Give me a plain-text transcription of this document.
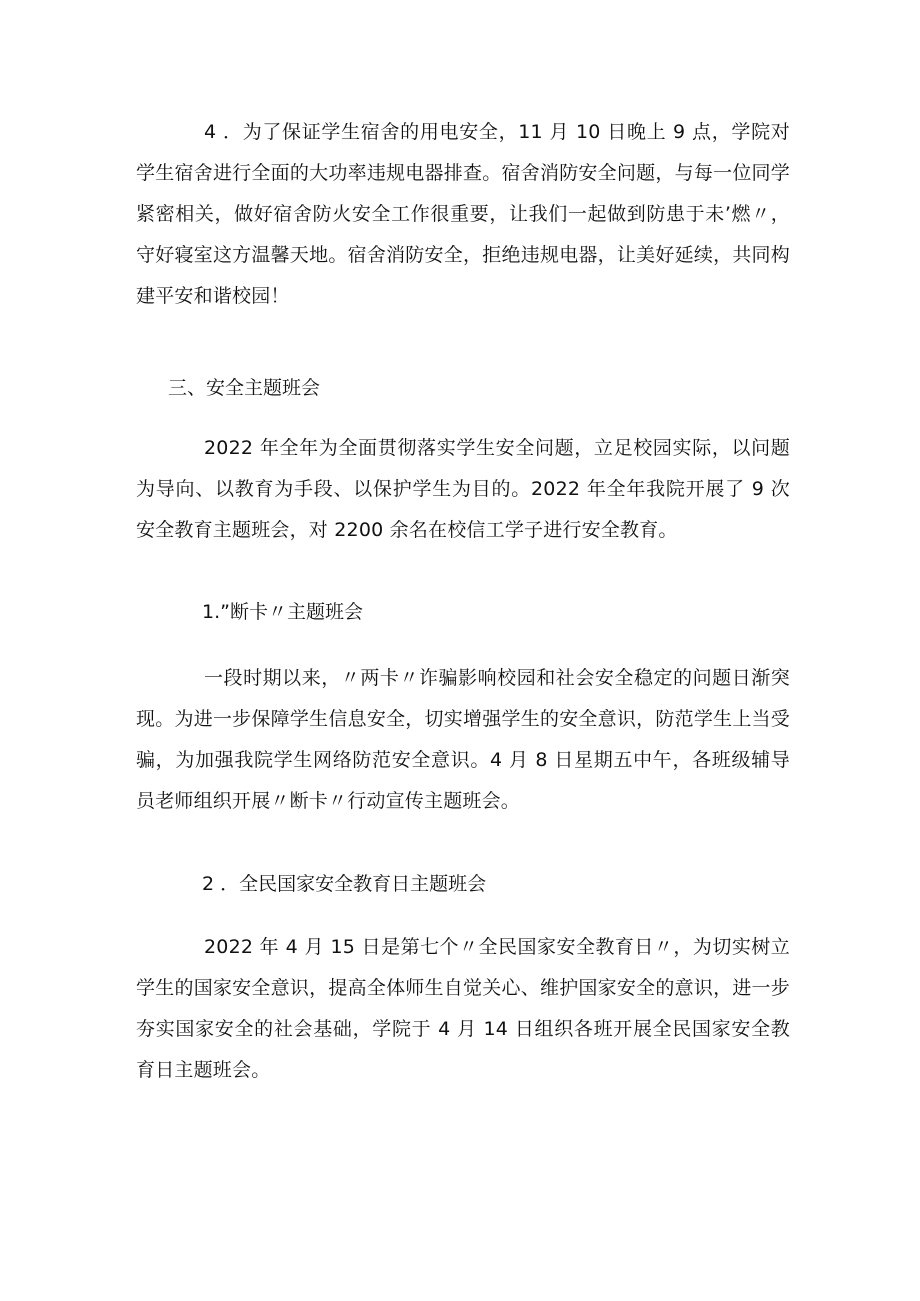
4 ．为了保证学生宿舍的用电安全，11 月 10 日晚上 9 点，学院对学生宿舍进行全面的大功率违规电器排查。宿舍消防安全问题，与每一位同学紧密相关，做好宿舍防火安全工作很重要，让我们一起做到防患于未’燃〃，守好寝室这方温馨天地。宿舍消防安全，拒绝违规电器，让美好延续，共同构建平安和谐校园！

三、安全主题班会

2022 年全年为全面贯彻落实学生安全问题，立足校园实际，以问题为导向、以教育为手段、以保护学生为目的。2022 年全年我院开展了 9 次安全教育主题班会，对 2200 余名在校信工学子进行安全教育。

1.”断卡〃主题班会

一段时期以来，〃两卡〃诈骗影响校园和社会安全稳定的问题日渐突现。为进一步保障学生信息安全，切实增强学生的安全意识，防范学生上当受骗，为加强我院学生网络防范安全意识。4 月 8 日星期五中午，各班级辅导员老师组织开展〃断卡〃行动宣传主题班会。

2 ．全民国家安全教育日主题班会

2022 年 4 月 15 日是第七个〃全民国家安全教育日〃，为切实树立学生的国家安全意识，提高全体师生自觉关心、维护国家安全的意识，进一步夯实国家安全的社会基础，学院于 4 月 14 日组织各班开展全民国家安全教育日主题班会。
